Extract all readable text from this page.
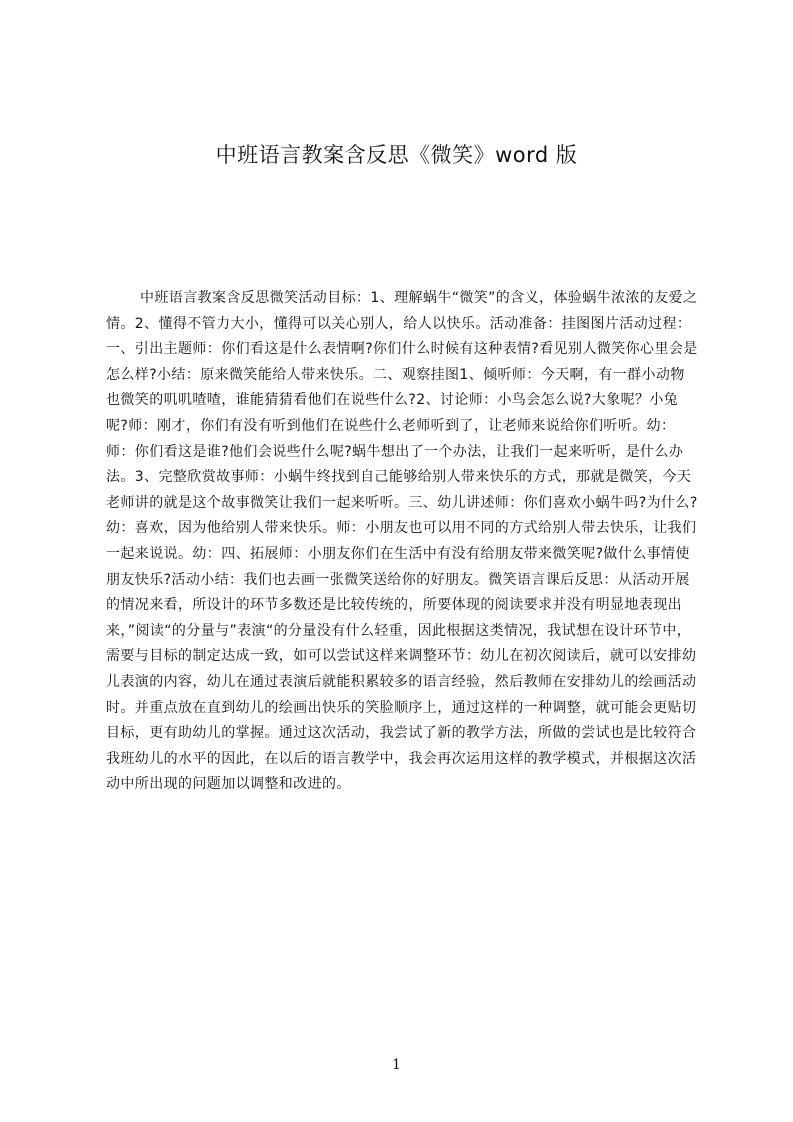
中班语言教案含反思《微笑》word 版

中班语言教案含反思微笑活动目标：1、理解蜗牛“微笑”的含义，体验蜗牛浓浓的友爱之情。2、懂得不管力大小，懂得可以关心别人，给人以快乐。活动准备：挂图图片活动过程：一、引出主题师：你们看这是什么表情啊?你们什么时候有这种表情?看见别人微笑你心里会是怎么样?小结：原来微笑能给人带来快乐。二、观察挂图1、倾听师：今天啊，有一群小动物也微笑的叽叽喳喳，谁能猜猜看他们在说些什么?2、讨论师：小鸟会怎么说?大象呢？小兔呢?师：刚才，你们有没有听到他们在说些什么老师听到了，让老师来说给你们听听。幼：师：你们看这是谁?他们会说些什么呢?蜗牛想出了一个办法，让我们一起来听听，是什么办法。3、完整欣赏故事师：小蜗牛终找到自己能够给别人带来快乐的方式，那就是微笑，今天老师讲的就是这个故事微笑让我们一起来听听。三、幼儿讲述师：你们喜欢小蜗牛吗?为什么?幼：喜欢，因为他给别人带来快乐。师：小朋友也可以用不同的方式给别人带去快乐，让我们一起来说说。幼：四、拓展师：小朋友你们在生活中有没有给朋友带来微笑呢?做什么事情使朋友快乐?活动小结：我们也去画一张微笑送给你的好朋友。微笑语言课后反思：从活动开展的情况来看，所设计的环节多数还是比较传统的，所要体现的阅读要求并没有明显地表现出来，”阅读“的分量与”表演“的分量没有什么轻重，因此根据这类情况，我试想在设计环节中，需要与目标的制定达成一致，如可以尝试这样来调整环节：幼儿在初次阅读后，就可以安排幼儿表演的内容，幼儿在通过表演后就能积累较多的语言经验，然后教师在安排幼儿的绘画活动时。并重点放在直到幼儿的绘画出快乐的笑脸顺序上，通过这样的一种调整，就可能会更贴切目标，更有助幼儿的掌握。通过这次活动，我尝试了新的教学方法，所做的尝试也是比较符合我班幼儿的水平的因此，在以后的语言教学中，我会再次运用这样的教学模式，并根据这次活动中所出现的问题加以调整和改进的。

1
